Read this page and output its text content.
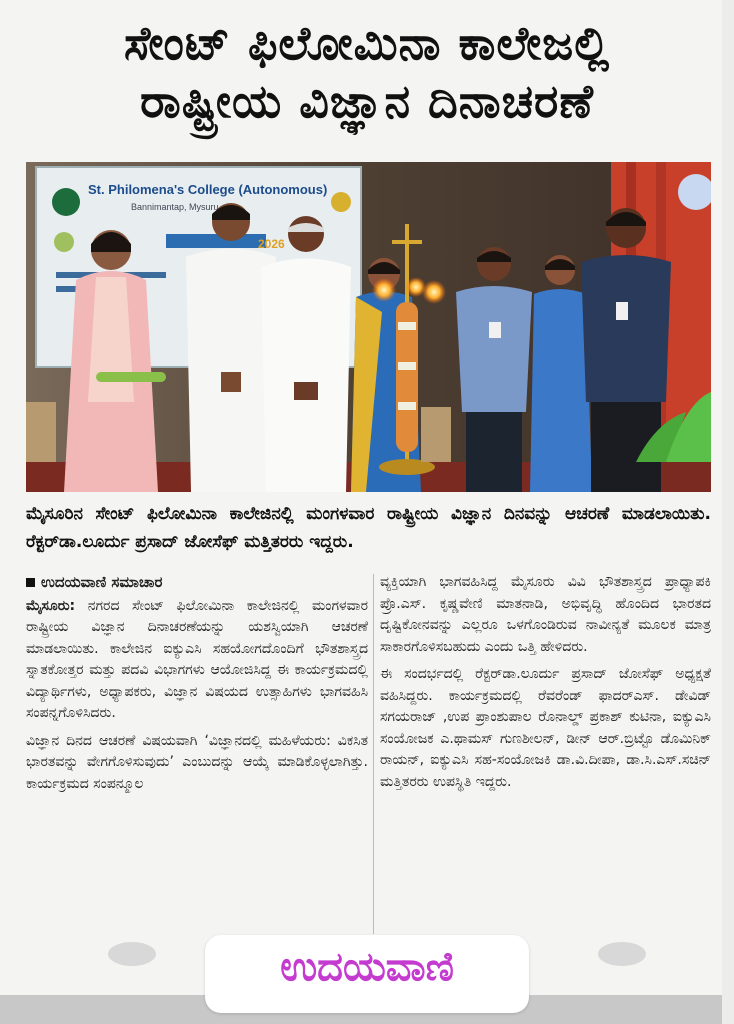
ಸೇಂಟ್ ಫಿಲೋಮಿನಾ ಕಾಲೇಜಲ್ಲಿ
ರಾಷ್ಟ್ರೀಯ ವಿಜ್ಞಾನ ದಿನಾಚರಣೆ
St. Philomena's College (Autonomous)
Bannimantap, Mysuru
2026
ಮೈಸೂರಿನ ಸೇಂಟ್ ಫಿಲೋಮಿನಾ ಕಾಲೇಜಿನಲ್ಲಿ ಮಂಗಳವಾರ ರಾಷ್ಟ್ರೀಯ ವಿಜ್ಞಾನ ದಿನವನ್ನು ಆಚರಣೆ ಮಾಡಲಾಯಿತು. ರೆಕ್ಟರ್‌ಡಾ.ಲೂರ್ದು ಪ್ರಸಾದ್ ಜೋಸೆಫ್ ಮತ್ತಿತರರು ಇದ್ದರು.
ಉದಯವಾಣಿ ಸಮಾಚಾರ

ಮೈಸೂರು: ನಗರದ ಸೇಂಟ್ ಫಿಲೋಮಿನಾ ಕಾಲೇಜಿನಲ್ಲಿ ಮಂಗಳವಾರ ರಾಷ್ಟ್ರೀಯ ವಿಜ್ಞಾನ ದಿನಾಚರಣೆಯನ್ನು ಯಶಸ್ವಿಯಾಗಿ ಆಚರಣೆ ಮಾಡಲಾಯಿತು. ಕಾಲೇಜಿನ ಐಕ್ಯುಎಸಿ ಸಹಯೋಗದೊಂದಿಗೆ ಭೌತಶಾಸ್ತ್ರದ ಸ್ನಾತಕೋತ್ತರ ಮತ್ತು ಪದವಿ ವಿಭಾಗಗಳು ಆಯೋಜಿಸಿದ್ದ ಈ ಕಾರ್ಯಕ್ರಮದಲ್ಲಿ ವಿದ್ಯಾರ್ಥಿಗಳು, ಅಧ್ಯಾಪಕರು, ವಿಜ್ಞಾನ ವಿಷಯದ ಉತ್ಸಾಹಿಗಳು ಭಾಗವಹಿಸಿ ಸಂಪನ್ನಗೊಳಿಸಿದರು.

ವಿಜ್ಞಾನ ದಿನದ ಆಚರಣೆ ವಿಷಯವಾಗಿ ‘ವಿಜ್ಞಾನದಲ್ಲಿ ಮಹಿಳೆಯರು: ವಿಕಸಿತ ಭಾರತವನ್ನು ವೇಗಗೊಳಿಸುವುದು’ ಎಂಬುದನ್ನು ಆಯ್ಕೆ ಮಾಡಿಕೊಳ್ಳಲಾಗಿತ್ತು. ಕಾರ್ಯಕ್ರಮದ ಸಂಪನ್ಮೂಲ

ವ್ಯಕ್ತಿಯಾಗಿ ಭಾಗವಹಿಸಿದ್ದ ಮೈಸೂರು ವಿವಿ ಭೌತಶಾಸ್ತ್ರದ ಪ್ರಾಧ್ಯಾಪಕಿ ಪ್ರೊ.ಎಸ್. ಕೃಷ್ಣವೇಣಿ ಮಾತನಾಡಿ, ಅಭಿವೃದ್ಧಿ ಹೊಂದಿದ ಭಾರತದ ದೃಷ್ಟಿಕೋನವನ್ನು ಎಲ್ಲರೂ ಒಳಗೊಂಡಿರುವ ನಾವೀನ್ಯತೆ ಮೂಲಕ ಮಾತ್ರ ಸಾಕಾರಗೊಳಿಸಬಹುದು ಎಂದು ಒತ್ತಿ ಹೇಳಿದರು.

ಈ ಸಂದರ್ಭದಲ್ಲಿ ರೆಕ್ಟರ್‌ಡಾ.ಲೂರ್ದು ಪ್ರಸಾದ್ ಜೋಸೆಫ್ ಅಧ್ಯಕ್ಷತೆ ವಹಿಸಿದ್ದರು. ಕಾರ್ಯಕ್ರಮದಲ್ಲಿ ರೆವರೆಂಡ್ ಫಾದರ್‌ಎಸ್. ಡೇವಿಡ್ ಸಗಯರಾಜ್ ,ಉಪ ಪ್ರಾಂಶುಪಾಲ ರೊನಾಲ್ಡ್ ಪ್ರಕಾಶ್ ಕುಟಿನಾ, ಐಕ್ಯುಎಸಿ ಸಂಯೋಜಕ ಎ.ಥಾಮಸ್ ಗುಣಶೀಲನ್, ಡೀನ್ ಆರ್.ಬ್ರಿಟ್ಟೊ ಡೊಮಿನಿಕ್ ರಾಯನ್, ಐಕ್ಯುಎಸಿ ಸಹ-ಸಂಯೋಜಕಿ ಡಾ.ವಿ.ದೀಪಾ, ಡಾ.ಸಿ.ಎಸ್.ಸಚಿನ್ ಮತ್ತಿತರರು ಉಪಸ್ಥಿತಿ ಇದ್ದರು.

ಉದಯವಾಣಿ
